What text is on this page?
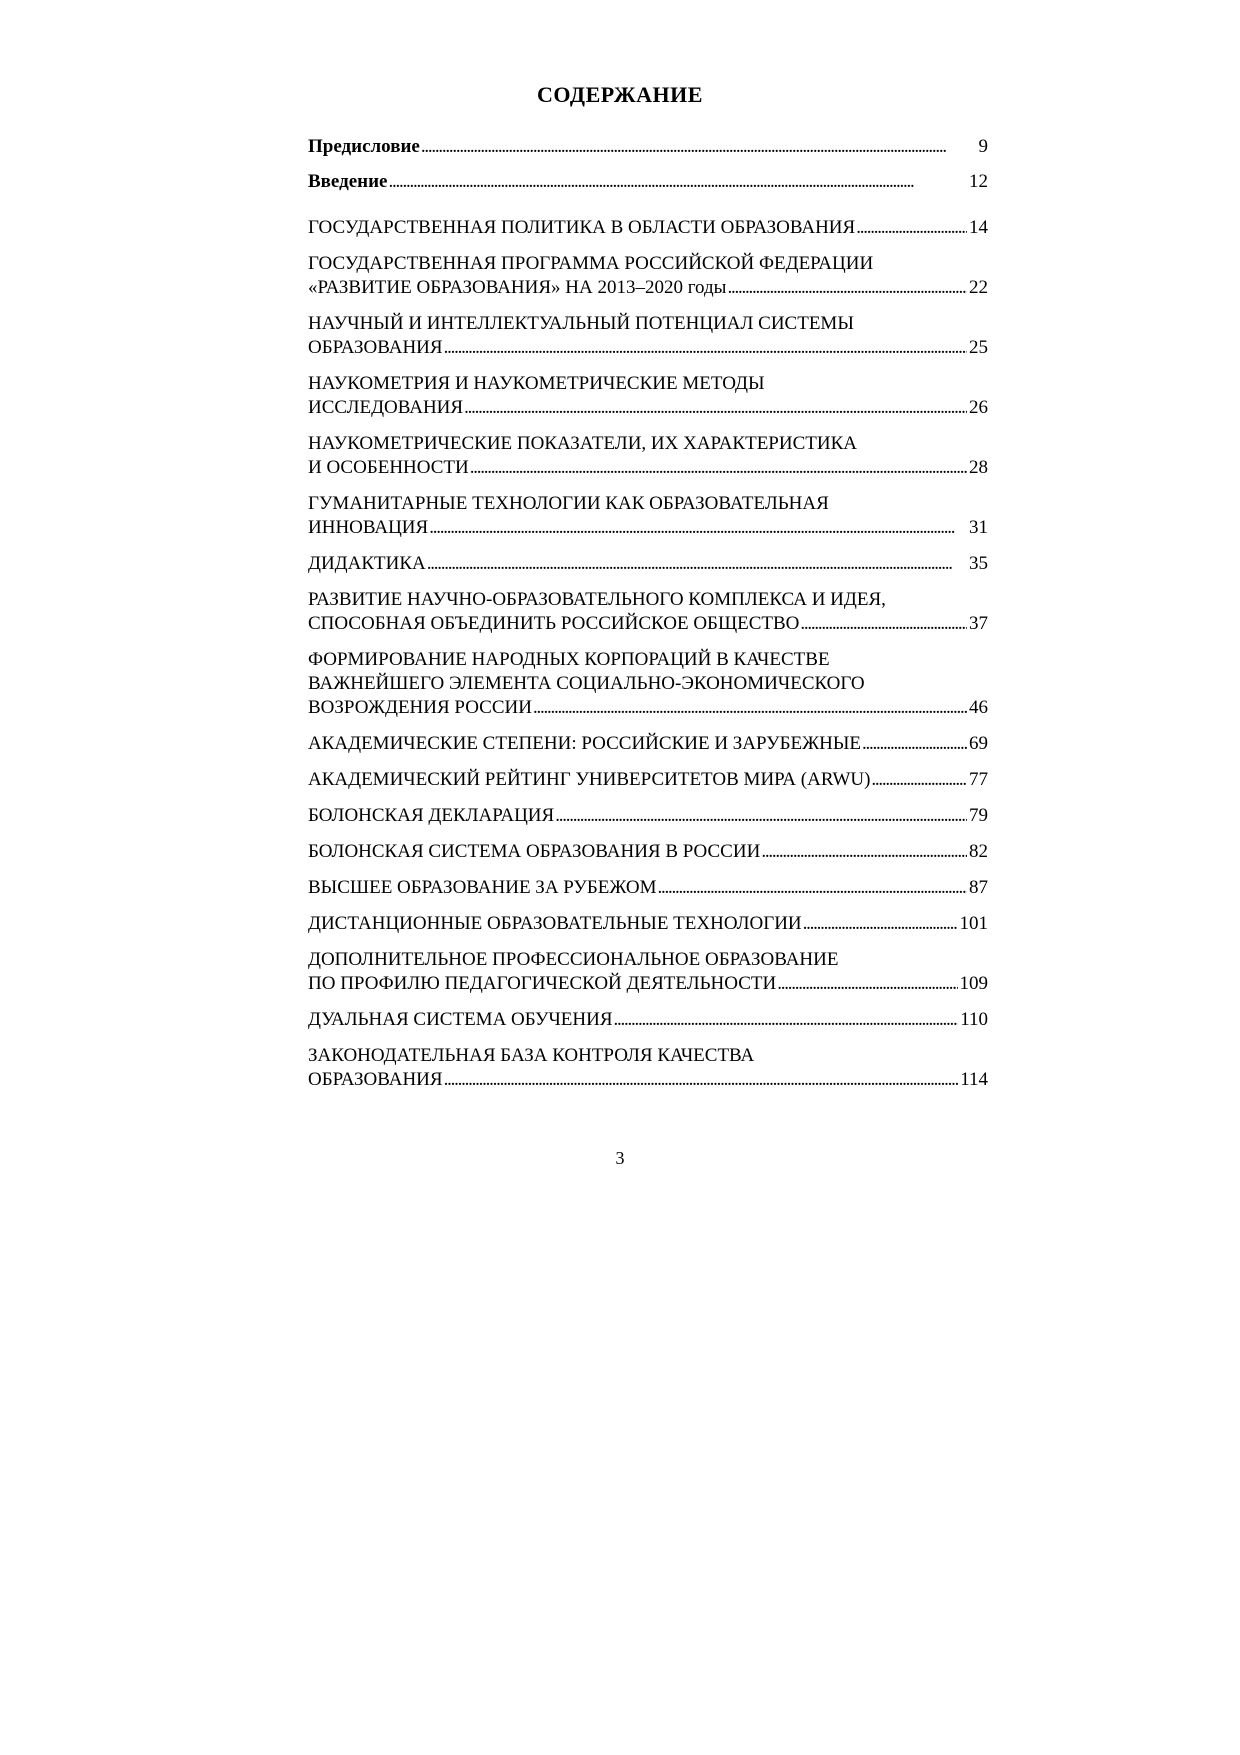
СОДЕРЖАНИЕ
Предисловие . . .	9
Введение . . .	12
ГОСУДАРСТВЕННАЯ ПОЛИТИКА В ОБЛАСТИ ОБРАЗОВАНИЯ . . .	14
ГОСУДАРСТВЕННАЯ ПРОГРАММА РОССИЙСКОЙ ФЕДЕРАЦИИ
«РАЗВИТИЕ ОБРАЗОВАНИЯ» НА 2013–2020 годы . . .	22
НАУЧНЫЙ И ИНТЕЛЛЕКТУАЛЬНЫЙ ПОТЕНЦИАЛ СИСТЕМЫ
ОБРАЗОВАНИЯ . . .	25
НАУКОМЕТРИЯ И НАУКОМЕТРИЧЕСКИЕ МЕТОДЫ
ИССЛЕДОВАНИЯ . . .	26
НАУКОМЕТРИЧЕСКИЕ ПОКАЗАТЕЛИ, ИХ ХАРАКТЕРИСТИКА
И ОСОБЕННОСТИ . . .	28
ГУМАНИТАРНЫЕ ТЕХНОЛОГИИ КАК ОБРАЗОВАТЕЛЬНАЯ
ИННОВАЦИЯ . . .	31
ДИДАКТИКА . . .	35
РАЗВИТИЕ НАУЧНО-ОБРАЗОВАТЕЛЬНОГО КОМПЛЕКСА И ИДЕЯ,
СПОСОБНАЯ ОБЪЕДИНИТЬ РОССИЙСКОЕ ОБЩЕСТВО . . .	37
ФОРМИРОВАНИЕ НАРОДНЫХ КОРПОРАЦИЙ В КАЧЕСТВЕ
ВАЖНЕЙШЕГО ЭЛЕМЕНТА СОЦИАЛЬНО-ЭКОНОМИЧЕСКОГО
ВОЗРОЖДЕНИЯ РОССИИ . . .	46
АКАДЕМИЧЕСКИЕ СТЕПЕНИ: РОССИЙСКИЕ И ЗАРУБЕЖНЫЕ . . .	69
АКАДЕМИЧЕСКИЙ РЕЙТИНГ УНИВЕРСИТЕТОВ МИРА (ARWU) . . .	77
БОЛОНСКАЯ ДЕКЛАРАЦИЯ . . .	79
БОЛОНСКАЯ СИСТЕМА ОБРАЗОВАНИЯ В РОССИИ . . .	82
ВЫСШЕЕ ОБРАЗОВАНИЕ ЗА РУБЕЖОМ . . .	87
ДИСТАНЦИОННЫЕ ОБРАЗОВАТЕЛЬНЫЕ ТЕХНОЛОГИИ . . .	101
ДОПОЛНИТЕЛЬНОЕ ПРОФЕССИОНАЛЬНОЕ ОБРАЗОВАНИЕ
ПО ПРОФИЛЮ ПЕДАГОГИЧЕСКОЙ ДЕЯТЕЛЬНОСТИ . . .	109
ДУАЛЬНАЯ СИСТЕМА ОБУЧЕНИЯ . . .	110
ЗАКОНОДАТЕЛЬНАЯ БАЗА КОНТРОЛЯ КАЧЕСТВА
ОБРАЗОВАНИЯ . . .	114
3
